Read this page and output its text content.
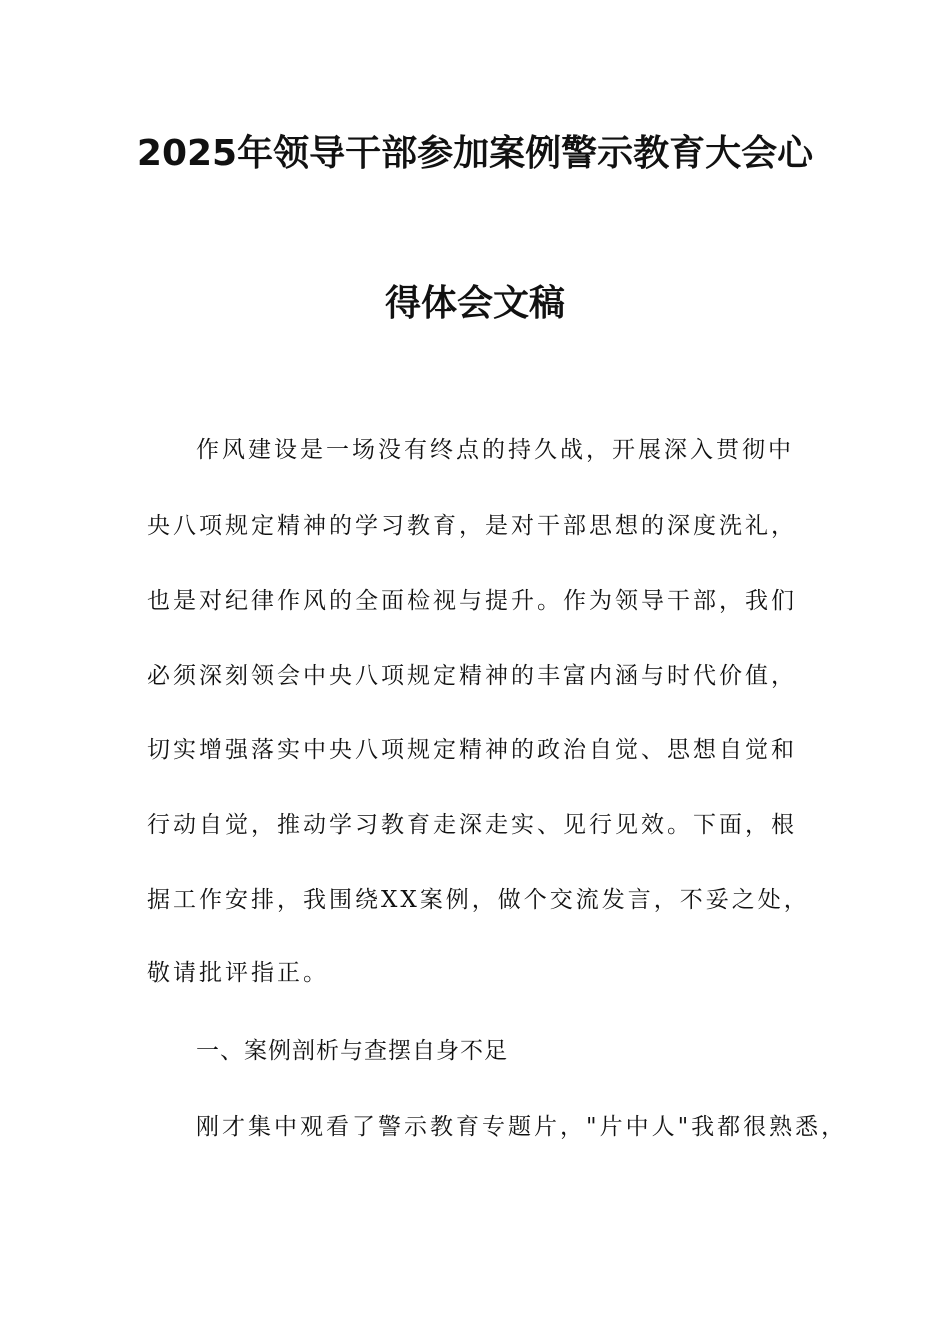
2025年领导干部参加案例警示教育大会心
得体会文稿
作风建设是一场没有终点的持久战，开展深入贯彻中
央八项规定精神的学习教育，是对干部思想的深度洗礼，
也是对纪律作风的全面检视与提升。作为领导干部，我们
必须深刻领会中央八项规定精神的丰富内涵与时代价值，
切实增强落实中央八项规定精神的政治自觉、思想自觉和
行动自觉，推动学习教育走深走实、见行见效。下面，根
据工作安排，我围绕XX案例，做个交流发言，不妥之处，
敬请批评指正。
一、案例剖析与查摆自身不足
刚才集中观看了警示教育专题片，"片中人"我都很熟悉，
